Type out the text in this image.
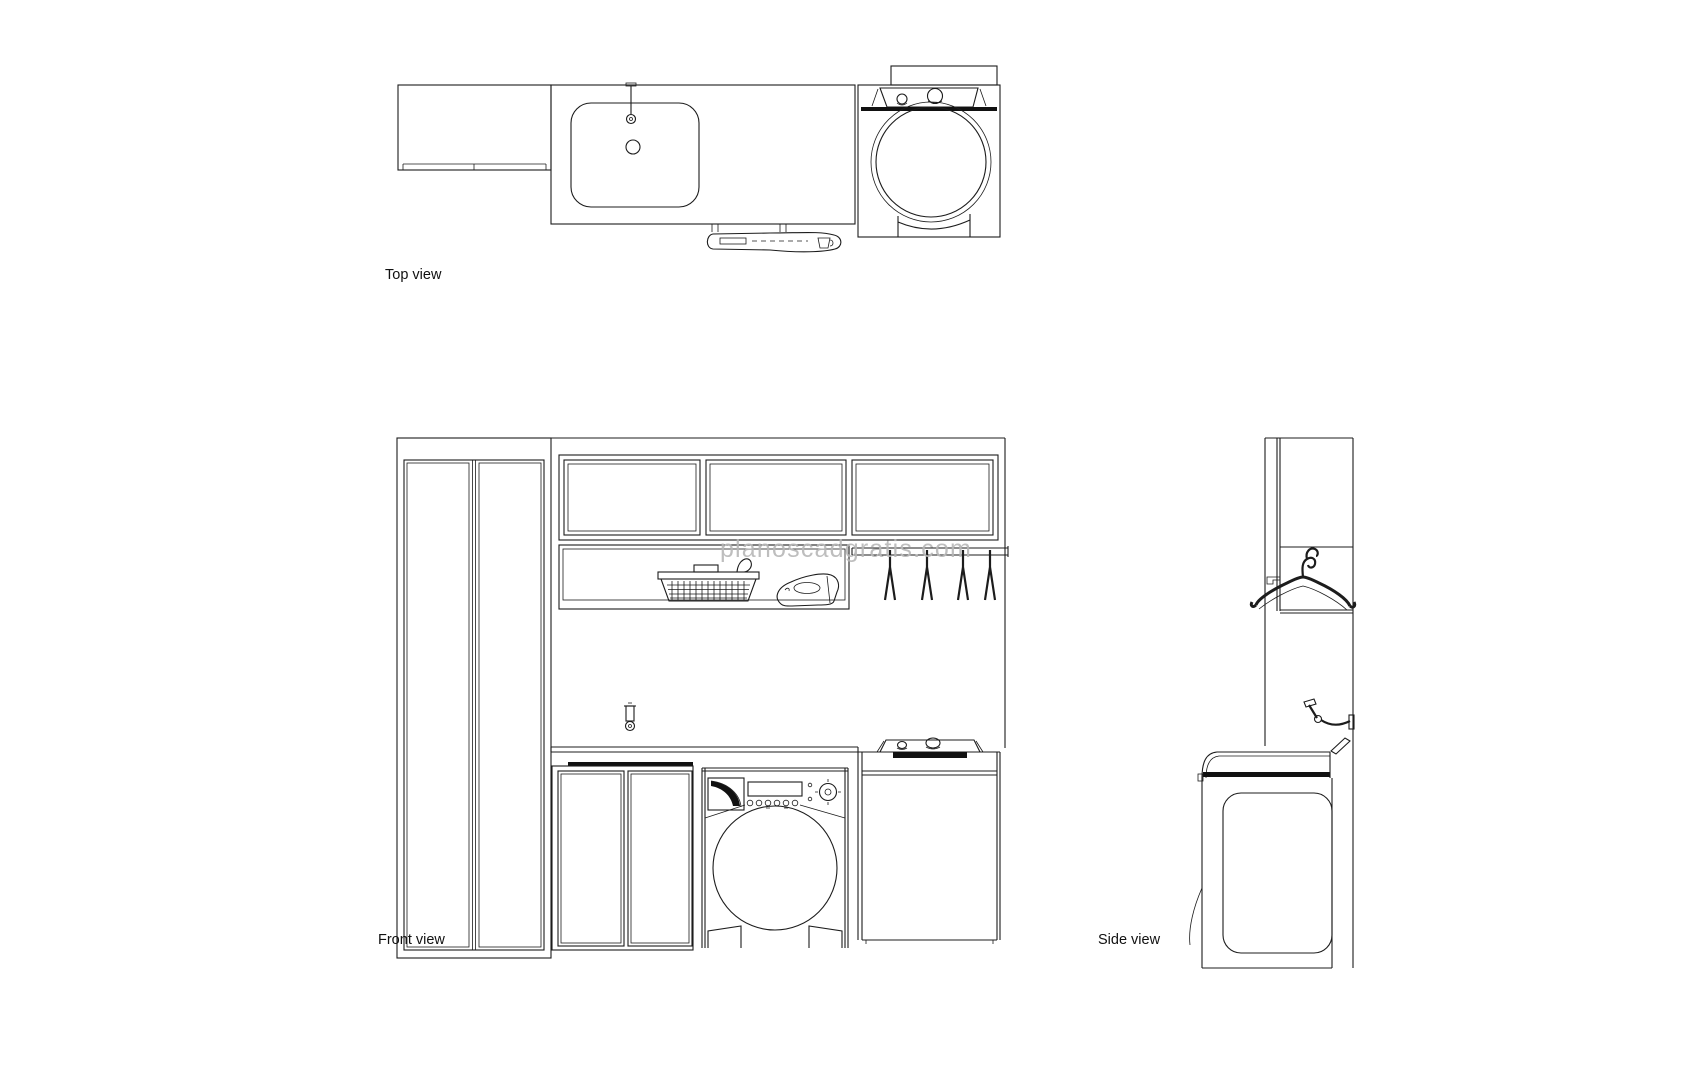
planoscadgratis.com
Top view
Front view	Side view
